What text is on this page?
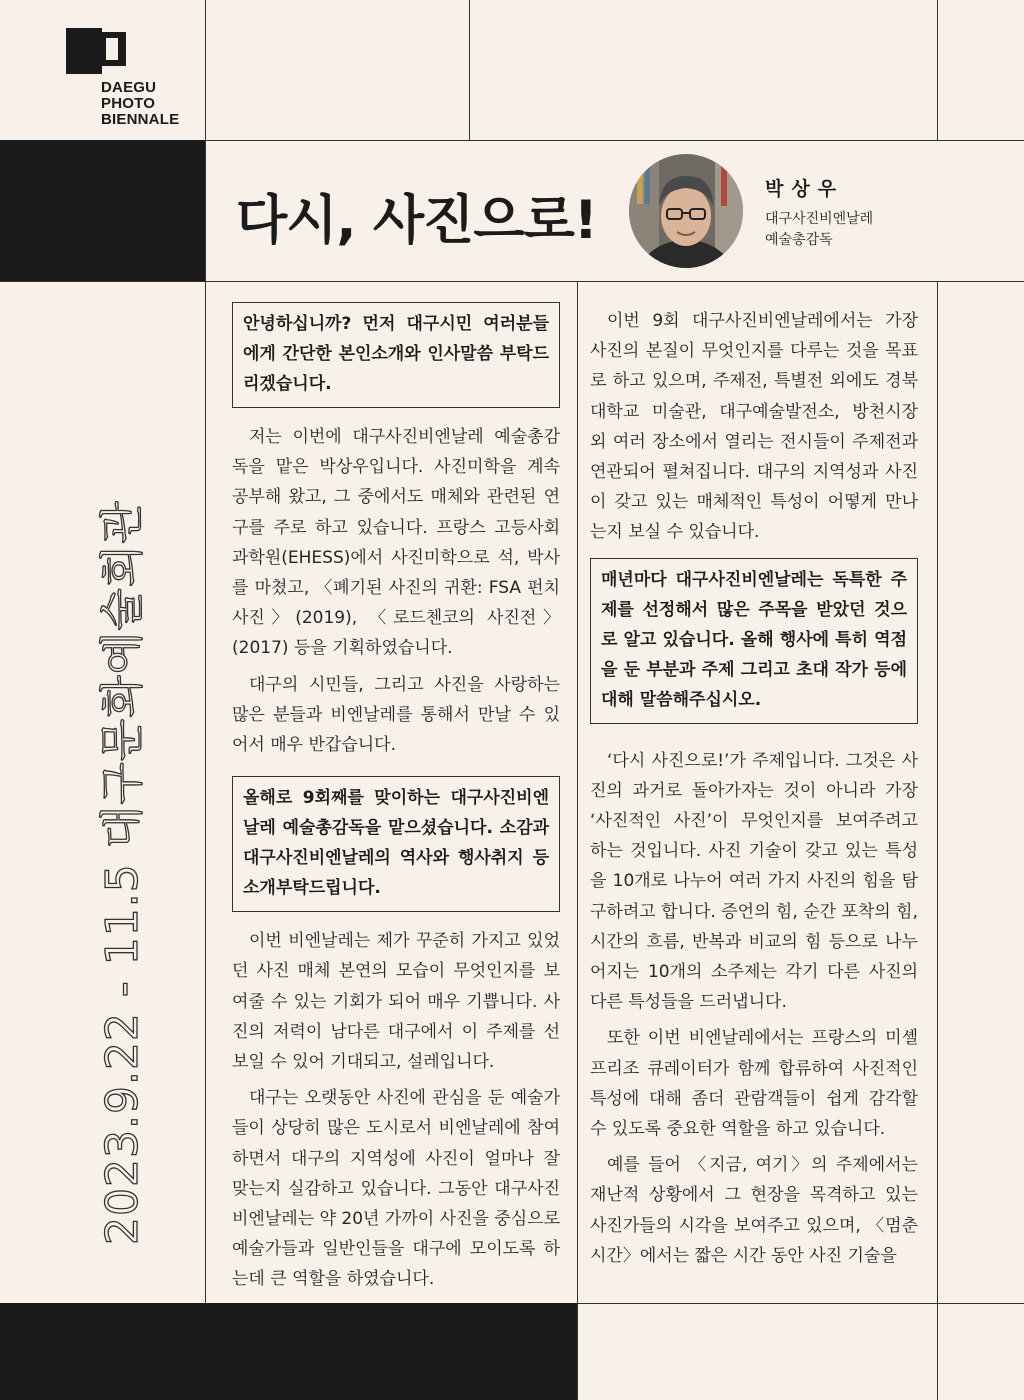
DAEGU
PHOTO
BIENNALE
다시, 사진으로!
박상우
대구사진비엔날레
예술총감독
2023.9.22 - 11.5 대구문화예술회관
안녕하십니까? 먼저 대구시민 여러분들에게 간단한 본인소개와 인사말씀 부탁드리겠습니다.

저는 이번에 대구사진비엔날레 예술총감독을 맡은 박상우입니다. 사진미학을 계속 공부해 왔고, 그 중에서도 매체와 관련된 연구를 주로 하고 있습니다. 프랑스 고등사회과학원(EHESS)에서 사진미학으로 석, 박사를 마쳤고, 〈폐기된 사진의 귀환: FSA 펀치 사진〉(2019), 〈로드첸코의 사진전〉(2017) 등을 기획하였습니다.

대구의 시민들, 그리고 사진을 사랑하는 많은 분들과 비엔날레를 통해서 만날 수 있어서 매우 반갑습니다.

올해로 9회째를 맞이하는 대구사진비엔날레 예술총감독을 맡으셨습니다. 소감과 대구사진비엔날레의 역사와 행사취지 등 소개부탁드립니다.

이번 비엔날레는 제가 꾸준히 가지고 있었던 사진 매체 본연의 모습이 무엇인지를 보여줄 수 있는 기회가 되어 매우 기쁩니다. 사진의 저력이 남다른 대구에서 이 주제를 선보일 수 있어 기대되고, 설레입니다.

대구는 오랫동안 사진에 관심을 둔 예술가들이 상당히 많은 도시로서 비엔날레에 참여하면서 대구의 지역성에 사진이 얼마나 잘 맞는지 실감하고 있습니다. 그동안 대구사진비엔날레는 약 20년 가까이 사진을 중심으로 예술가들과 일반인들을 대구에 모이도록 하는데 큰 역할을 하였습니다.

이번 9회 대구사진비엔날레에서는 가장 사진의 본질이 무엇인지를 다루는 것을 목표로 하고 있으며, 주제전, 특별전 외에도 경북대학교 미술관, 대구예술발전소, 방천시장 외 여러 장소에서 열리는 전시들이 주제전과 연관되어 펼쳐집니다. 대구의 지역성과 사진이 갖고 있는 매체적인 특성이 어떻게 만나는지 보실 수 있습니다.

매년마다 대구사진비엔날레는 독특한 주제를 선정해서 많은 주목을 받았던 것으로 알고 있습니다. 올해 행사에 특히 역점을 둔 부분과 주제 그리고 초대 작가 등에 대해 말씀해주십시오.

‘다시 사진으로!’가 주제입니다. 그것은 사진의 과거로 돌아가자는 것이 아니라 가장 ‘사진적인 사진’이 무엇인지를 보여주려고 하는 것입니다. 사진 기술이 갖고 있는 특성을 10개로 나누어 여러 가지 사진의 힘을 탐구하려고 합니다. 증언의 힘, 순간 포착의 힘, 시간의 흐름, 반복과 비교의 힘 등으로 나누어지는 10개의 소주제는 각기 다른 사진의 다른 특성들을 드러냅니다.

또한 이번 비엔날레에서는 프랑스의 미셸 프리조 큐레이터가 함께 합류하여 사진적인 특성에 대해 좀더 관람객들이 쉽게 감각할 수 있도록 중요한 역할을 하고 있습니다.

예를 들어 〈지금, 여기〉의 주제에서는 재난적 상황에서 그 현장을 목격하고 있는 사진가들의 시각을 보여주고 있으며, 〈멈춘 시간〉에서는 짧은 시간 동안 사진 기술을
